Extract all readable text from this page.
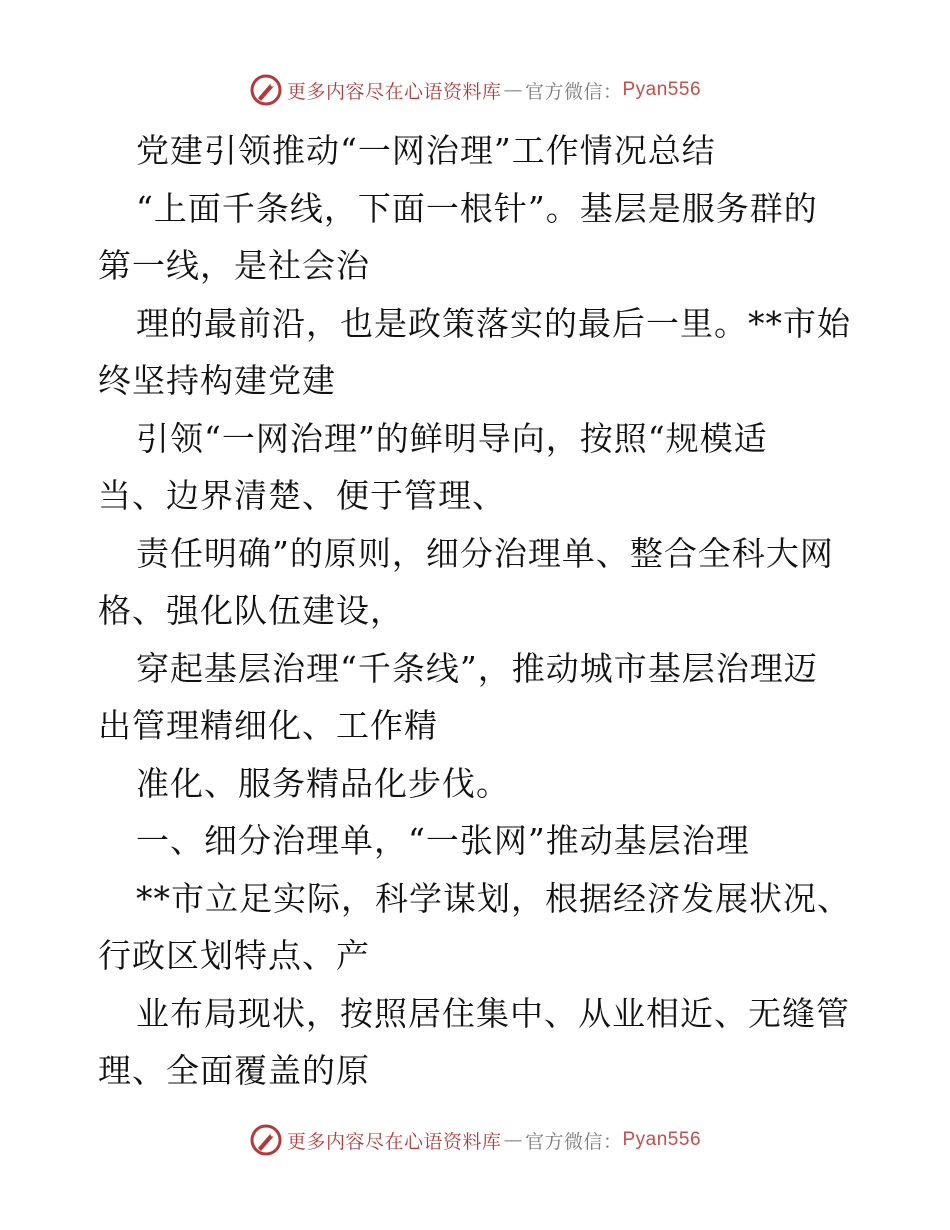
更多内容尽在心语资料库 — 官方微信： Pyan556
党建引领推动“一网治理”工作情况总结
“上面千条线，下面一根针”。基层是服务群的
第一线，是社会治
理的最前沿，也是政策落实的最后一里。**市始
终坚持构建党建
引领“一网治理”的鲜明导向，按照“规模适
当、边界清楚、便于管理、
责任明确”的原则，细分治理单、整合全科大网
格、强化队伍建设，
穿起基层治理“千条线”，推动城市基层治理迈
出管理精细化、工作精
准化、服务精品化步伐。
一、细分治理单，“一张网”推动基层治理
**市立足实际，科学谋划，根据经济发展状况、
行政区划特点、产
业布局现状，按照居住集中、从业相近、无缝管
理、全面覆盖的原
更多内容尽在心语资料库 — 官方微信： Pyan556
